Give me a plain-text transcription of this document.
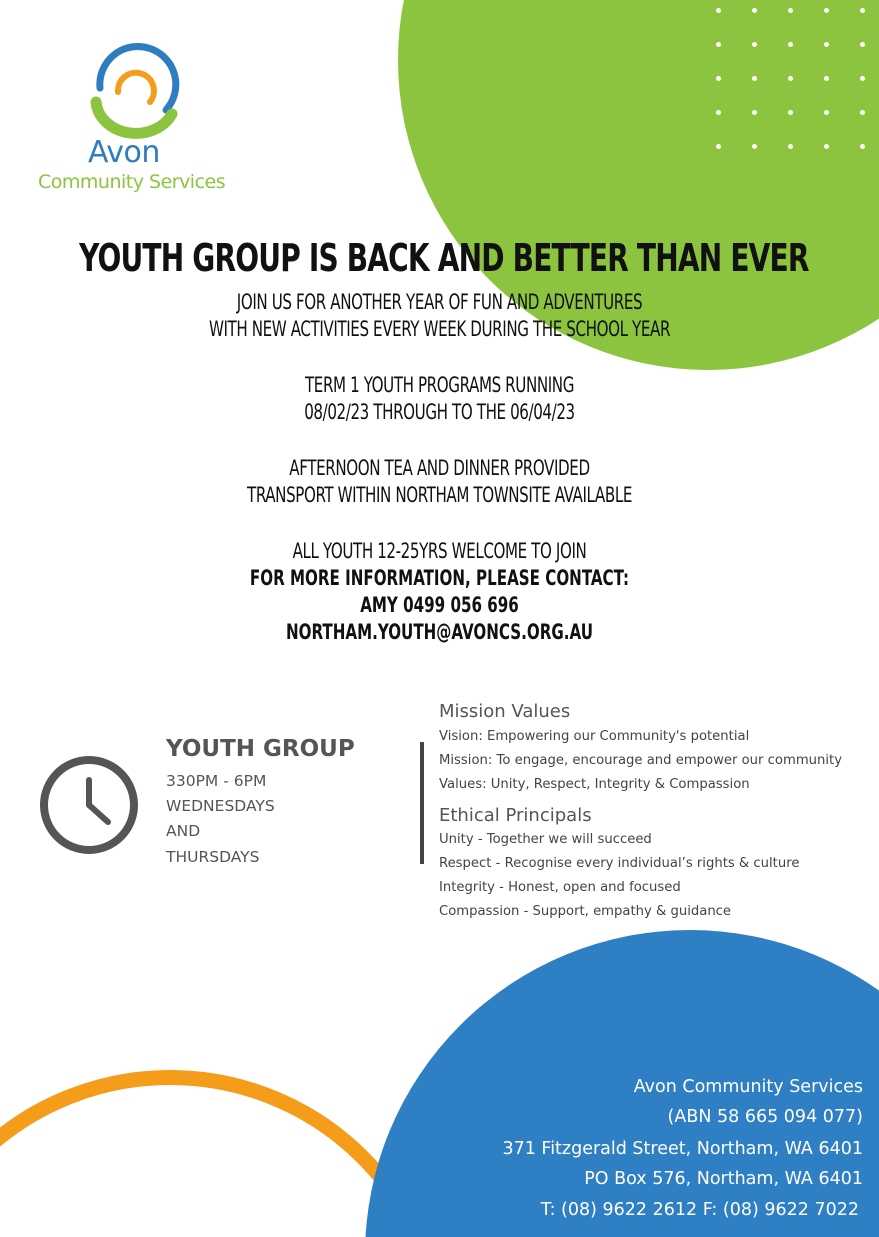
Avon
Community Services
YOUTH GROUP IS BACK AND BETTER THAN EVER
JOIN US FOR ANOTHER YEAR OF FUN AND ADVENTURES
WITH NEW ACTIVITIES EVERY WEEK DURING THE SCHOOL YEAR
TERM 1 YOUTH PROGRAMS RUNNING
08/02/23 THROUGH TO THE 06/04/23
AFTERNOON TEA AND DINNER PROVIDED
TRANSPORT WITHIN NORTHAM TOWNSITE AVAILABLE
ALL YOUTH 12-25YRS WELCOME TO JOIN
FOR MORE INFORMATION, PLEASE CONTACT:
AMY 0499 056 696
NORTHAM.YOUTH@AVONCS.ORG.AU
YOUTH GROUP
330PM - 6PM
WEDNESDAYS
AND
THURSDAYS
Mission Values
Vision: Empowering our Community's potential
Mission: To engage, encourage and empower our community
Values: Unity, Respect, Integrity & Compassion
Ethical Principals
Unity - Together we will succeed
Respect - Recognise every individual’s rights & culture
Integrity - Honest, open and focused
Compassion - Support, empathy & guidance
Avon Community Services
(ABN 58 665 094 077)
371 Fitzgerald Street, Northam, WA 6401
PO Box 576, Northam, WA 6401
T: (08) 9622 2612 F: (08) 9622 7022
